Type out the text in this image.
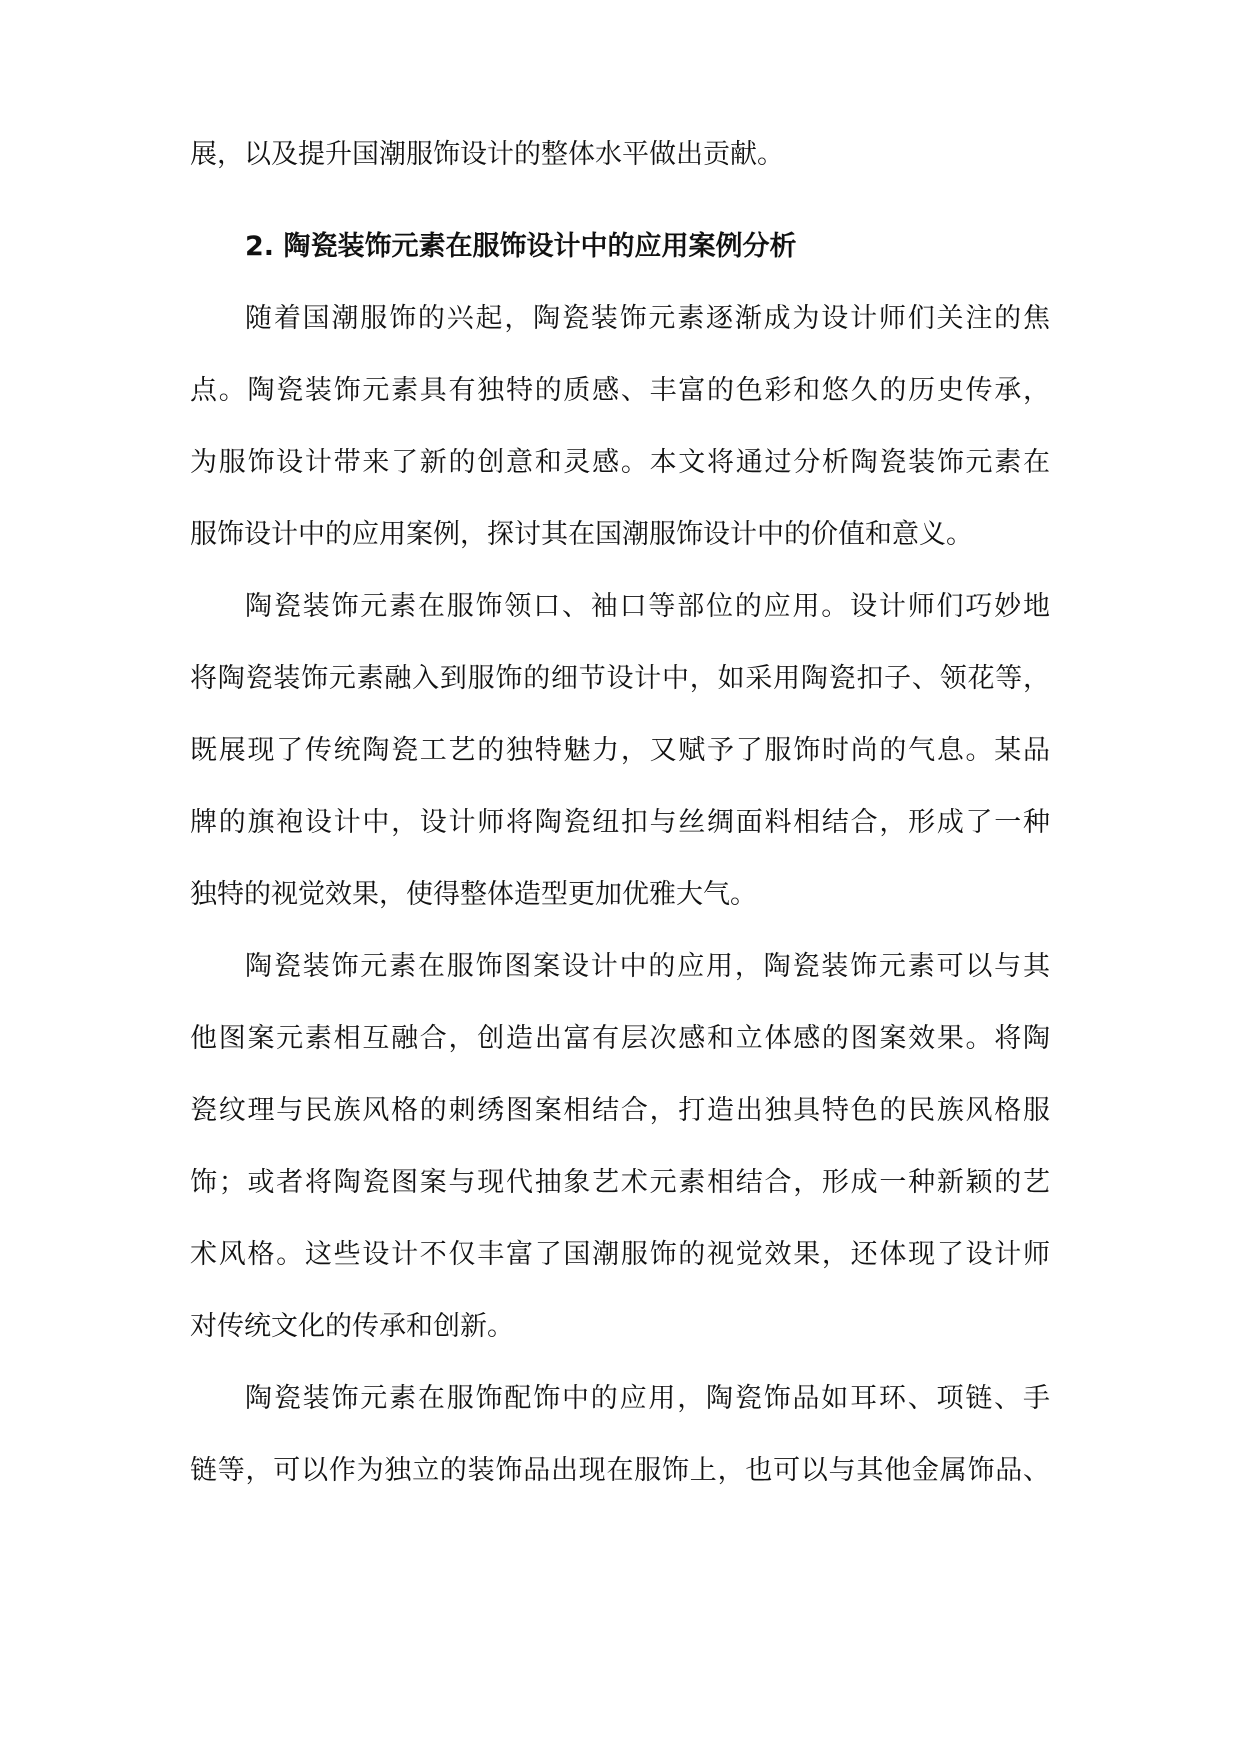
展，以及提升国潮服饰设计的整体水平做出贡献。
2. 陶瓷装饰元素在服饰设计中的应用案例分析
随着国潮服饰的兴起，陶瓷装饰元素逐渐成为设计师们关注的焦
点。陶瓷装饰元素具有独特的质感、丰富的色彩和悠久的历史传承，
为服饰设计带来了新的创意和灵感。本文将通过分析陶瓷装饰元素在
服饰设计中的应用案例，探讨其在国潮服饰设计中的价值和意义。
陶瓷装饰元素在服饰领口、袖口等部位的应用。设计师们巧妙地
将陶瓷装饰元素融入到服饰的细节设计中，如采用陶瓷扣子、领花等，
既展现了传统陶瓷工艺的独特魅力，又赋予了服饰时尚的气息。某品
牌的旗袍设计中，设计师将陶瓷纽扣与丝绸面料相结合，形成了一种
独特的视觉效果，使得整体造型更加优雅大气。
陶瓷装饰元素在服饰图案设计中的应用，陶瓷装饰元素可以与其
他图案元素相互融合，创造出富有层次感和立体感的图案效果。将陶
瓷纹理与民族风格的刺绣图案相结合，打造出独具特色的民族风格服
饰；或者将陶瓷图案与现代抽象艺术元素相结合，形成一种新颖的艺
术风格。这些设计不仅丰富了国潮服饰的视觉效果，还体现了设计师
对传统文化的传承和创新。
陶瓷装饰元素在服饰配饰中的应用，陶瓷饰品如耳环、项链、手
链等，可以作为独立的装饰品出现在服饰上，也可以与其他金属饰品、
